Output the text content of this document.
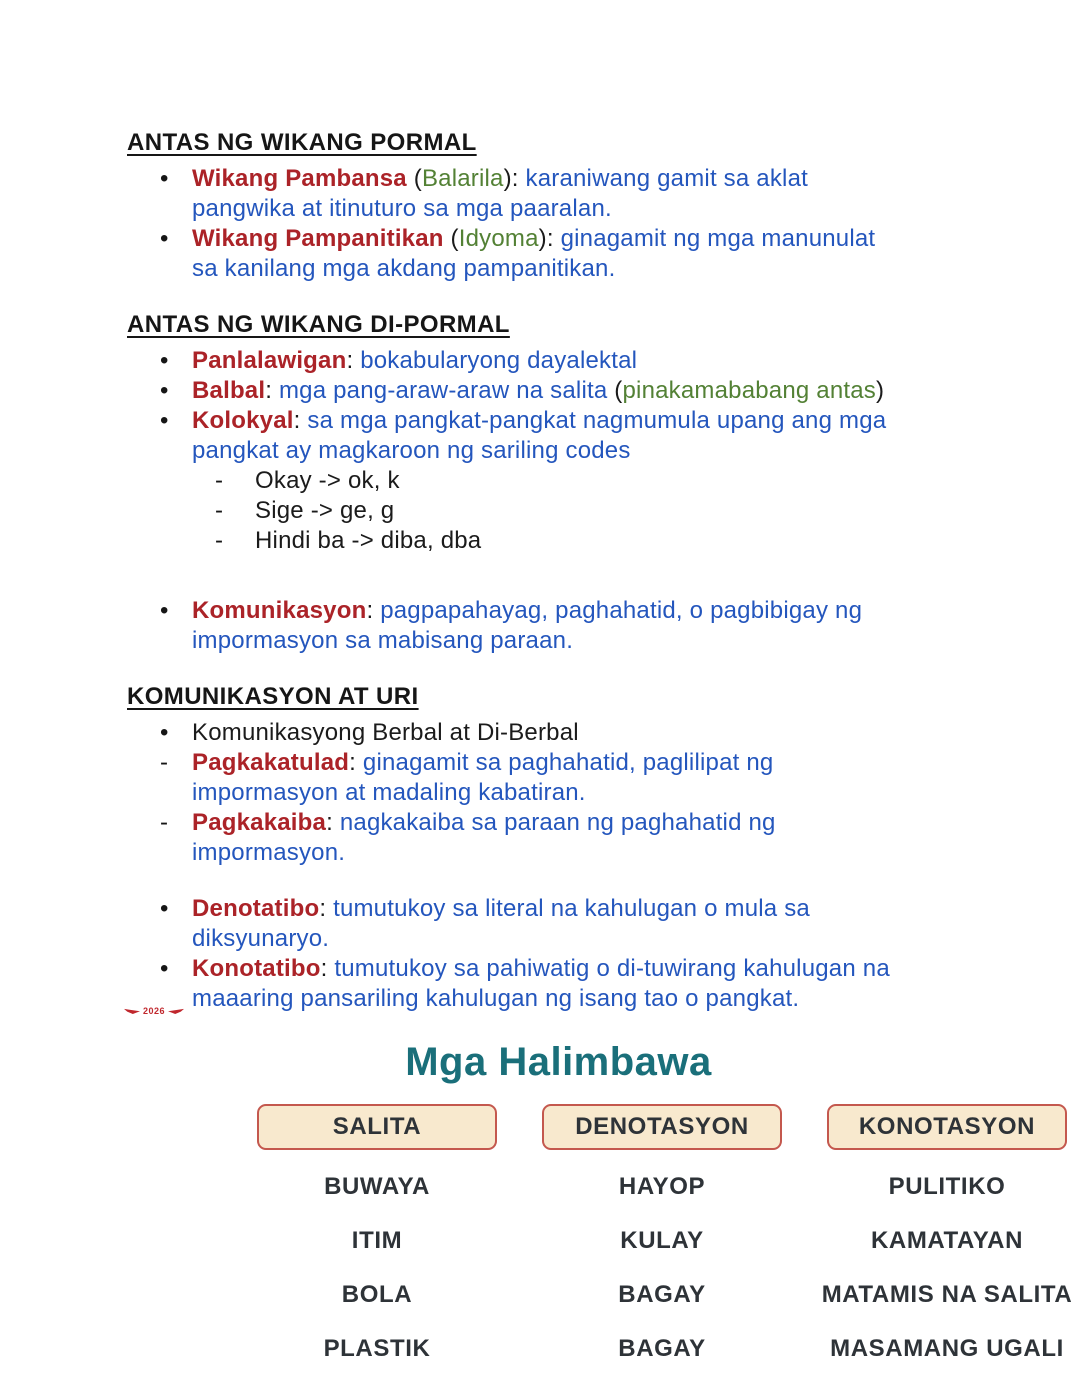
ANTAS NG WIKANG PORMAL
• Wikang Pambansa (Balarila): karaniwang gamit sa aklat pangwika at itinuturo sa mga paaralan.
• Wikang Pampanitikan (Idyoma): ginagamit ng mga manunulat sa kanilang mga akdang pampanitikan.
ANTAS NG WIKANG DI-PORMAL
• Panlalawigan: bokabularyong dayalektal
• Balbal: mga pang-araw-araw na salita (pinakamababang antas)
• Kolokyal: sa mga pangkat-pangkat nagmumula upang ang mga pangkat ay magkaroon ng sariling codes
-	Okay -> ok, k
-	Sige -> ge, g
-	Hindi ba -> diba, dba
• Komunikasyon: pagpapahayag, paghahatid, o pagbibigay ng impormasyon sa mabisang paraan.
KOMUNIKASYON AT URI
• Komunikasyong Berbal at Di-Berbal
- Pagkakatulad: ginagamit sa paghahatid, paglilipat ng impormasyon at madaling kabatiran.
- Pagkakaiba: nagkakaiba sa paraan ng paghahatid ng impormasyon.
• Denotatibo: tumutukoy sa literal na kahulugan o mula sa diksyunaryo.
• Konotatibo: tumutukoy sa pahiwatig o di-tuwirang kahulugan na maaaring pansariling kahulugan ng isang tao o pangkat.
Mga Halimbawa
SALITA	DENOTASYON	KONOTASYON
BUWAYA	HAYOP	PULITIKO
ITIM	KULAY	KAMATAYAN
BOLA	BAGAY	MATAMIS NA SALITA
PLASTIK	BAGAY	MASAMANG UGALI
2026
